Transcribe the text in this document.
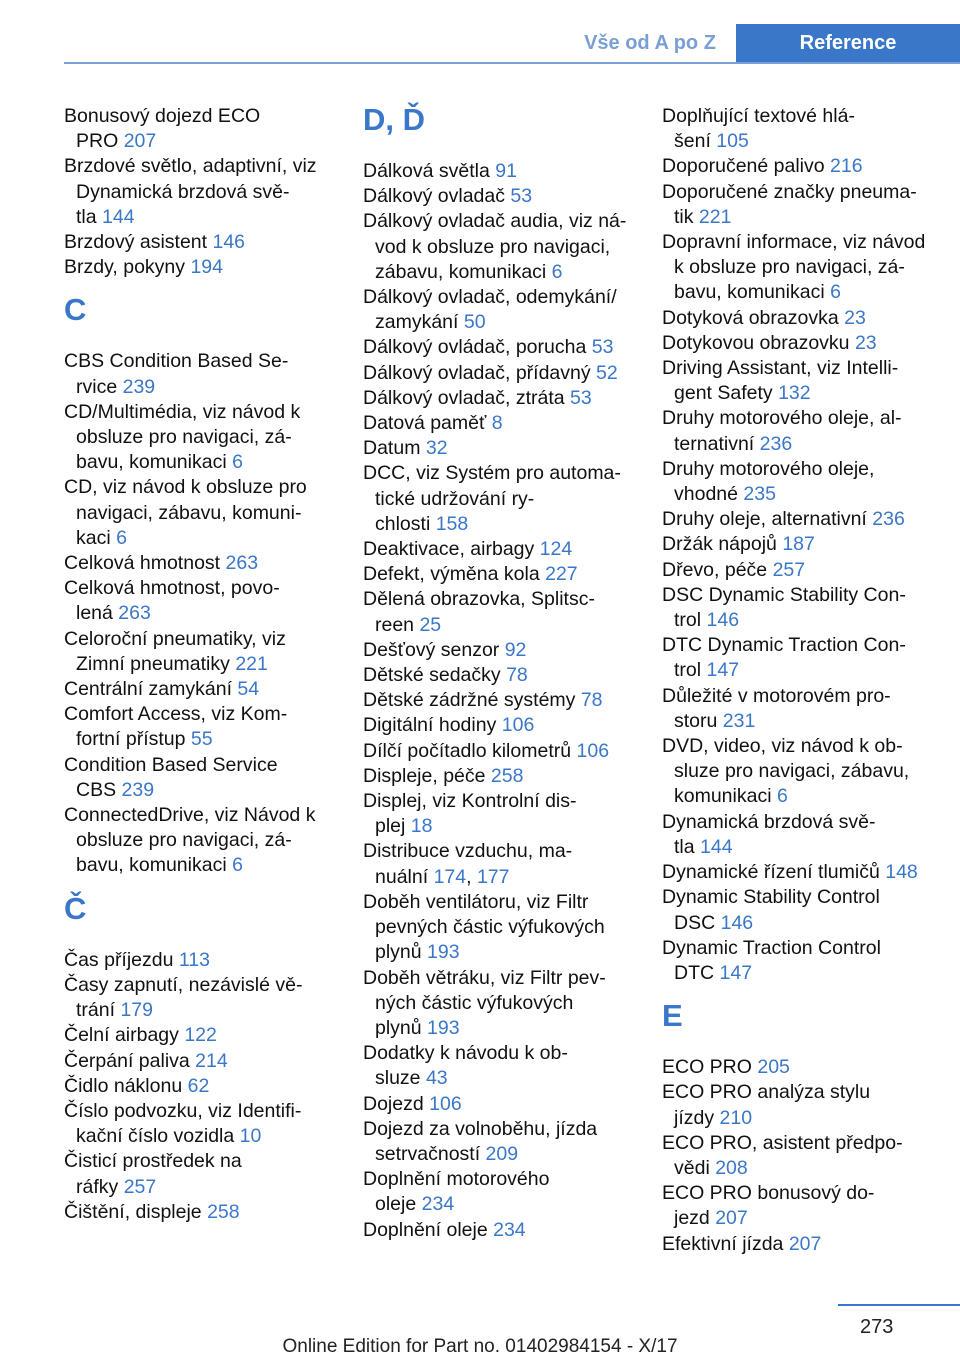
Vše od A po Z	Reference
Bonusový dojezd ECO
PRO 207
Brzdové světlo, adaptivní, viz
Dynamická brzdová svě‐
tla 144
Brzdový asistent 146
Brzdy, pokyny 194
C
CBS Condition Based Se‐
rvice 239
CD/Multimédia, viz návod k
obsluze pro navigaci, zá‐
bavu, komunikaci 6
CD, viz návod k obsluze pro
navigaci, zábavu, komuni‐
kaci 6
Celková hmotnost 263
Celková hmotnost, povo‐
lená 263
Celoroční pneumatiky, viz
Zimní pneumatiky 221
Centrální zamykání 54
Comfort Access, viz Kom‐
fortní přístup 55
Condition Based Service
CBS 239
ConnectedDrive, viz Návod k
obsluze pro navigaci, zá‐
bavu, komunikaci 6
Č
Čas příjezdu 113
Časy zapnutí, nezávislé vě‐
trání 179
Čelní airbagy 122
Čerpání paliva 214
Čidlo náklonu 62
Číslo podvozku, viz Identifi‐
kační číslo vozidla 10
Čisticí prostředek na
ráfky 257
Čištění, displeje 258
D, Ď
Dálková světla 91
Dálkový ovladač 53
Dálkový ovladač audia, viz ná‐
vod k obsluze pro navigaci,
zábavu, komunikaci 6
Dálkový ovladač, odemykání/
zamykání 50
Dálkový ovládač, porucha 53
Dálkový ovladač, přídavný 52
Dálkový ovladač, ztráta 53
Datová paměť 8
Datum 32
DCC, viz Systém pro automa‐
tické udržování ry‐
chlosti 158
Deaktivace, airbagy 124
Defekt, výměna kola 227
Dělená obrazovka, Splitsc‐
reen 25
Dešťový senzor 92
Dětské sedačky 78
Dětské zádržné systémy 78
Digitální hodiny 106
Dílčí počítadlo kilometrů 106
Displeje, péče 258
Displej, viz Kontrolní dis‐
plej 18
Distribuce vzduchu, ma‐
nuální 174, 177
Doběh ventilátoru, viz Filtr
pevných částic výfukových
plynů 193
Doběh větráku, viz Filtr pev‐
ných částic výfukových
plynů 193
Dodatky k návodu k ob‐
sluze 43
Dojezd 106
Dojezd za volnoběhu, jízda
setrvačností 209
Doplnění motorového
oleje 234
Doplnění oleje 234
Doplňující textové hlá‐
šení 105
Doporučené palivo 216
Doporučené značky pneuma‐
tik 221
Dopravní informace, viz návod
k obsluze pro navigaci, zá‐
bavu, komunikaci 6
Dotyková obrazovka 23
Dotykovou obrazovku 23
Driving Assistant, viz Intelli‐
gent Safety 132
Druhy motorového oleje, al‐
ternativní 236
Druhy motorového oleje,
vhodné 235
Druhy oleje, alternativní 236
Držák nápojů 187
Dřevo, péče 257
DSC Dynamic Stability Con‐
trol 146
DTC Dynamic Traction Con‐
trol 147
Důležité v motorovém pro‐
storu 231
DVD, video, viz návod k ob‐
sluze pro navigaci, zábavu,
komunikaci 6
Dynamická brzdová svě‐
tla 144
Dynamické řízení tlumičů 148
Dynamic Stability Control
DSC 146
Dynamic Traction Control
DTC 147
E
ECO PRO 205
ECO PRO analýza stylu
jízdy 210
ECO PRO, asistent předpo‐
vědi 208
ECO PRO bonusový do‐
jezd 207
Efektivní jízda 207
273
Online Edition for Part no. 01402984154 - X/17
